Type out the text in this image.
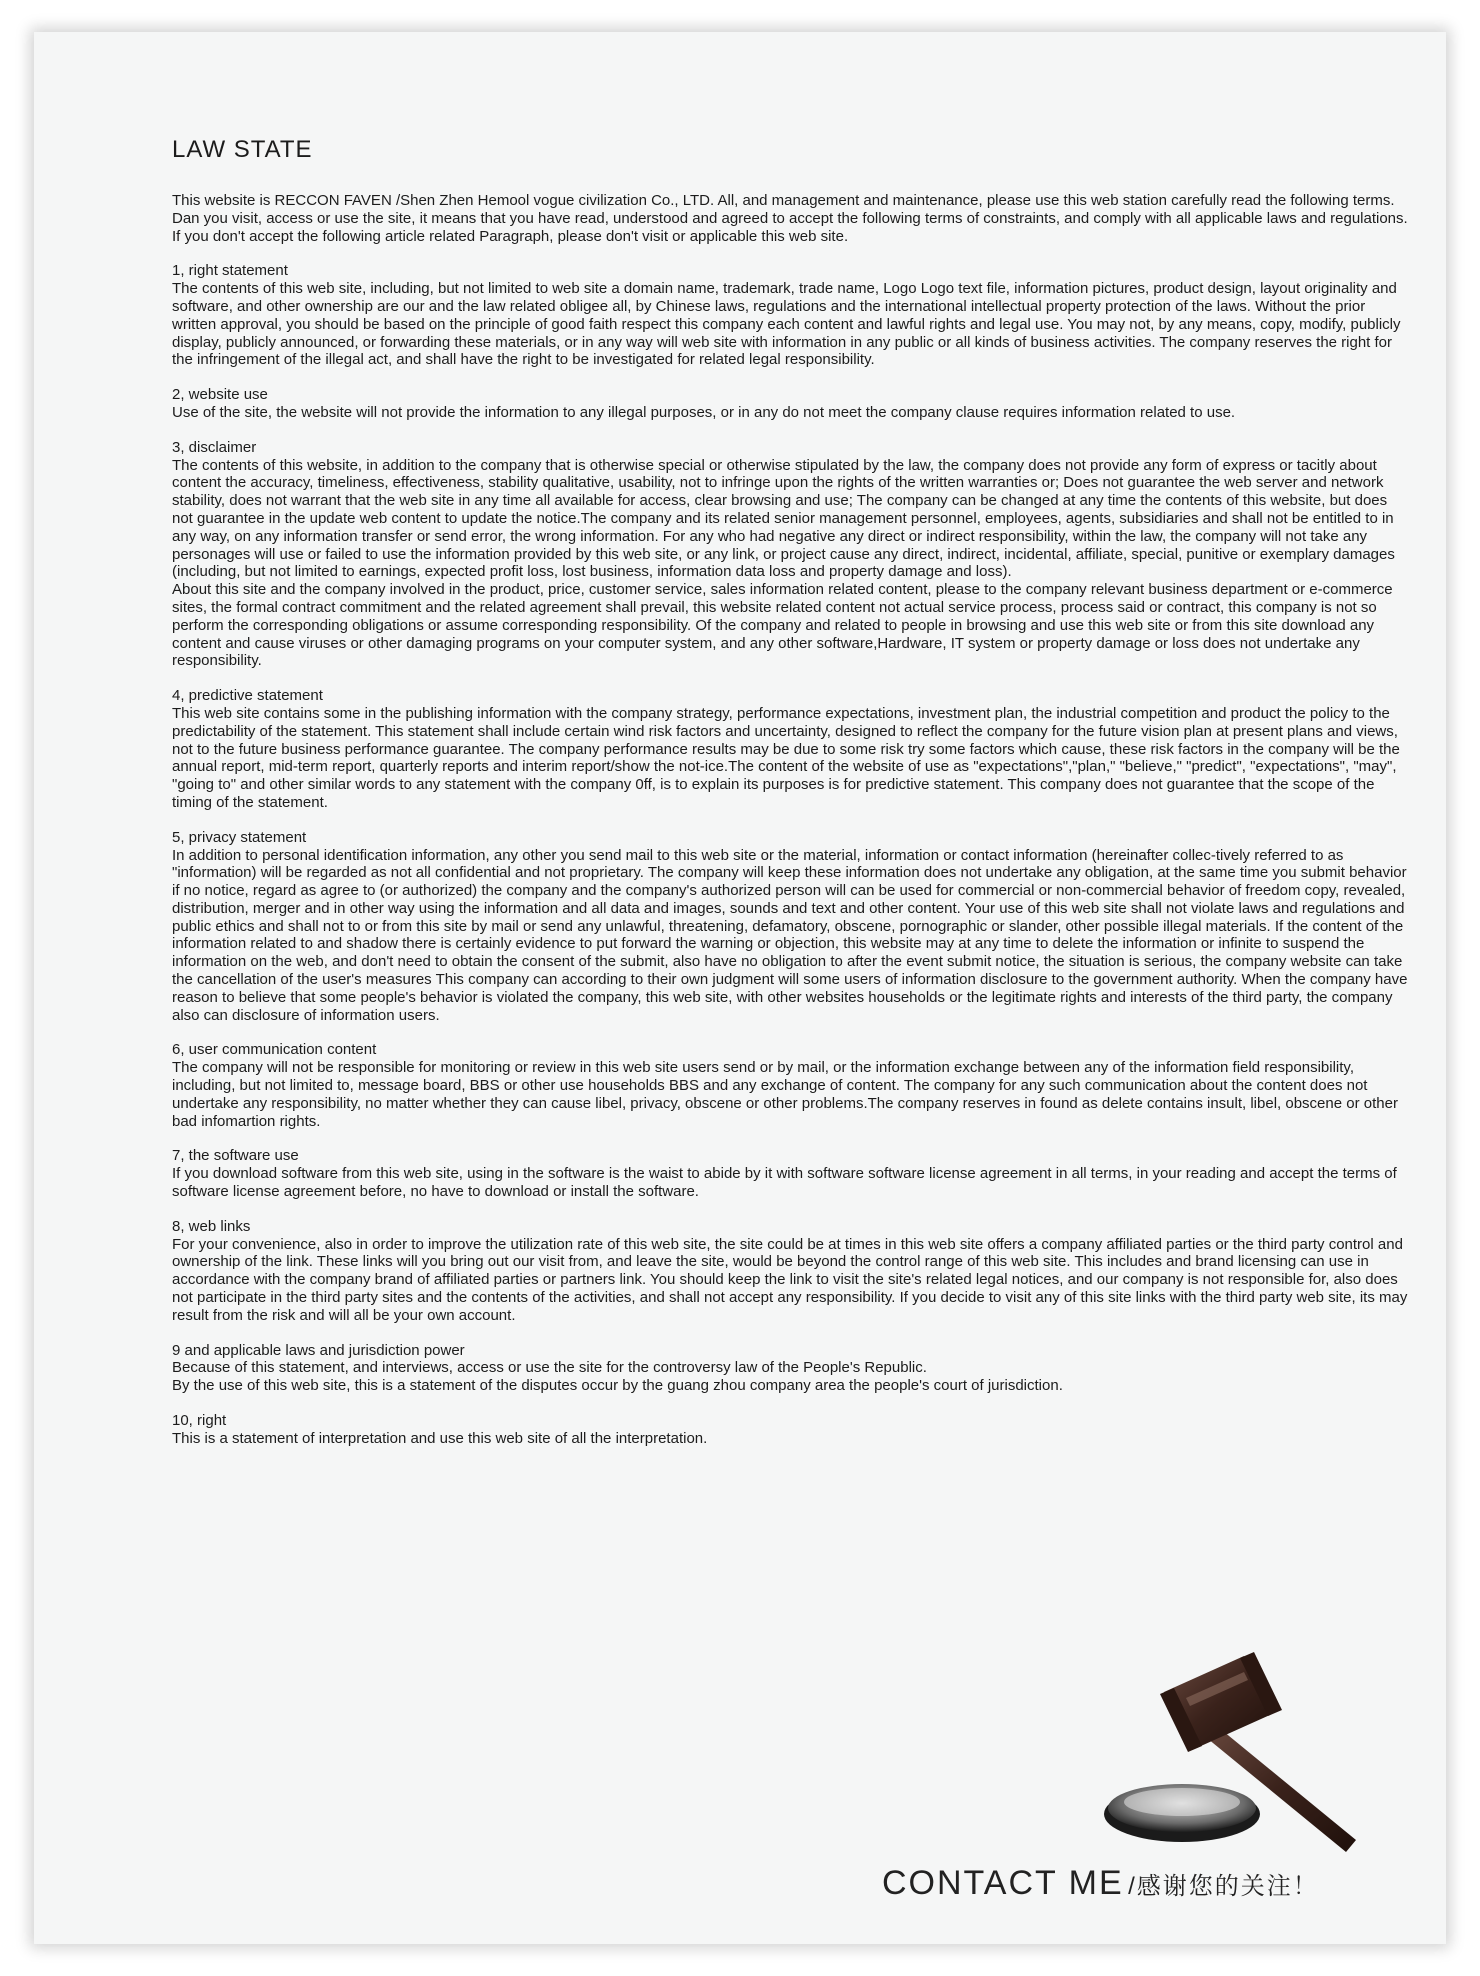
LAW STATE

This website is RECCON FAVEN /Shen Zhen Hemool vogue civilization Co., LTD. All, and management and maintenance, please use this web station carefully read the following terms. Dan you visit, access or use the site, it means that you have read, understood and agreed to accept the following terms of constraints, and comply with all applicable laws and regulations. If you don't accept the following article related Paragraph, please don't visit or applicable this web site.

1, right statement

The contents of this web site, including, but not limited to web site a domain name, trademark, trade name, Logo Logo text file, information pictures, product design, layout originality and software, and other ownership are our and the law related obligee all, by Chinese laws, regulations and the international intellectual property protection of the laws. Without the prior written approval, you should be based on the principle of good faith respect this company each content and lawful rights and legal use. You may not, by any means, copy, modify, publicly display, publicly announced, or forwarding these materials, or in any way will web site with information in any public or all kinds of business activities. The company reserves the right for the infringement of the illegal act, and shall have the right to be investigated for related legal responsibility.

2, website use

Use of the site, the website will not provide the information to any illegal purposes, or in any do not meet the company clause requires information related to use.

3, disclaimer

The contents of this website, in addition to the company that is otherwise special or otherwise stipulated by the law, the company does not provide any form of express or tacitly about content the accuracy, timeliness, effectiveness, stability qualitative, usability, not to infringe upon the rights of the written warranties or; Does not guarantee the web server and network stability, does not warrant that the web site in any time all available for access, clear browsing and use; The company can be changed at any time the contents of this website, but does not guarantee in the update web content to update the notice.The company and its related senior management personnel, employees, agents, subsidiaries and shall not be entitled to in any way, on any information transfer or send error, the wrong information. For any who had negative any direct or indirect responsibility, within the law, the company will not take any personages will use or failed to use the information provided by this web site, or any link, or project cause any direct, indirect, incidental, affiliate, special, punitive or exemplary damages (including, but not limited to earnings, expected profit loss, lost business, information data loss and property damage and loss).

About this site and the company involved in the product, price, customer service, sales information related content, please to the company relevant business department or e-commerce sites, the formal contract commitment and the related agreement shall prevail, this website related content not actual service process, process said or contract, this company is not so perform the corresponding obligations or assume corresponding responsibility. Of the company and related to people in browsing and use this web site or from this site download any content and cause viruses or other damaging programs on your computer system, and any other software,Hardware, IT system or property damage or loss does not undertake any responsibility.

4, predictive statement

This web site contains some in the publishing information with the company strategy, performance expectations, investment plan, the industrial competition and product the policy to the predictability of the statement. This statement shall include certain wind risk factors and uncertainty, designed to reflect the company for the future vision plan at present plans and views, not to the future business performance guarantee. The company performance results may be due to some risk try some factors which cause, these risk factors in the company will be the annual report, mid-term report, quarterly reports and interim report/show the not-ice.The content of the website of use as "expectations","plan," "believe," "predict", "expectations", "may", "going to" and other similar words to any statement with the company 0ff, is to explain its purposes is for predictive statement. This company does not guarantee that the scope of the timing of the statement.

5, privacy statement

In addition to personal identification information, any other you send mail to this web site or the material, information or contact information (hereinafter collec-tively referred to as "information) will be regarded as not all confidential and not proprietary. The company will keep these information does not undertake any obligation, at the same time you submit behavior if no notice, regard as agree to (or authorized) the company and the company's authorized person will can be used for commercial or non-commercial behavior of freedom copy, revealed, distribution, merger and in other way using the information and all data and images, sounds and text and other content. Your use of this web site shall not violate laws and regulations and public ethics and shall not to or from this site by mail or send any unlawful, threatening, defamatory, obscene, pornographic or slander, other possible illegal materials. If the content of the information related to and shadow there is certainly evidence to put forward the warning or objection, this website may at any time to delete the information or infinite to suspend the information on the web, and don't need to obtain the consent of the submit, also have no obligation to after the event submit notice, the situation is serious, the company website can take the cancellation of the user's measures This company can according to their own judgment will some users of information disclosure to the government authority. When the company have reason to believe that some people's behavior is violated the company, this web site, with other websites households or the legitimate rights and interests of the third party, the company also can disclosure of information users.

6, user communication content

The company will not be responsible for monitoring or review in this web site users send or by mail, or the information exchange between any of the information field responsibility, including, but not limited to, message board, BBS or other use households BBS and any exchange of content. The company for any such communication about the content does not undertake any responsibility, no matter whether they can cause libel, privacy, obscene or other problems.The company reserves in found as delete contains insult, libel, obscene or other bad infomartion rights.

7, the software use

If you download software from this web site, using in the software is the waist to abide by it with software software license agreement in all terms, in your reading and accept the terms of software license agreement before, no have to download or install the software.

8, web links

For your convenience, also in order to improve the utilization rate of this web site, the site could be at times in this web site offers a company affiliated parties or the third party control and ownership of the link. These links will you bring out our visit from, and leave the site, would be beyond the control range of this web site. This includes and brand licensing can use in accordance with the company brand of affiliated parties or partners link. You should keep the link to visit the site's related legal notices, and our company is not responsible for, also does not participate in the third party sites and the contents of the activities, and shall not accept any responsibility. If you decide to visit any of this site links with the third party web site, its may result from the risk and will all be your own account.

9 and applicable laws and jurisdiction power

Because of this statement, and interviews, access or use the site for the controversy law of the People's Republic.

By the use of this web site, this is a statement of the disputes occur by the guang zhou company area the people's court of jurisdiction.

10, right

This is a statement of interpretation and use this web site of all the interpretation.

CONTACT ME /感谢您的关注！
